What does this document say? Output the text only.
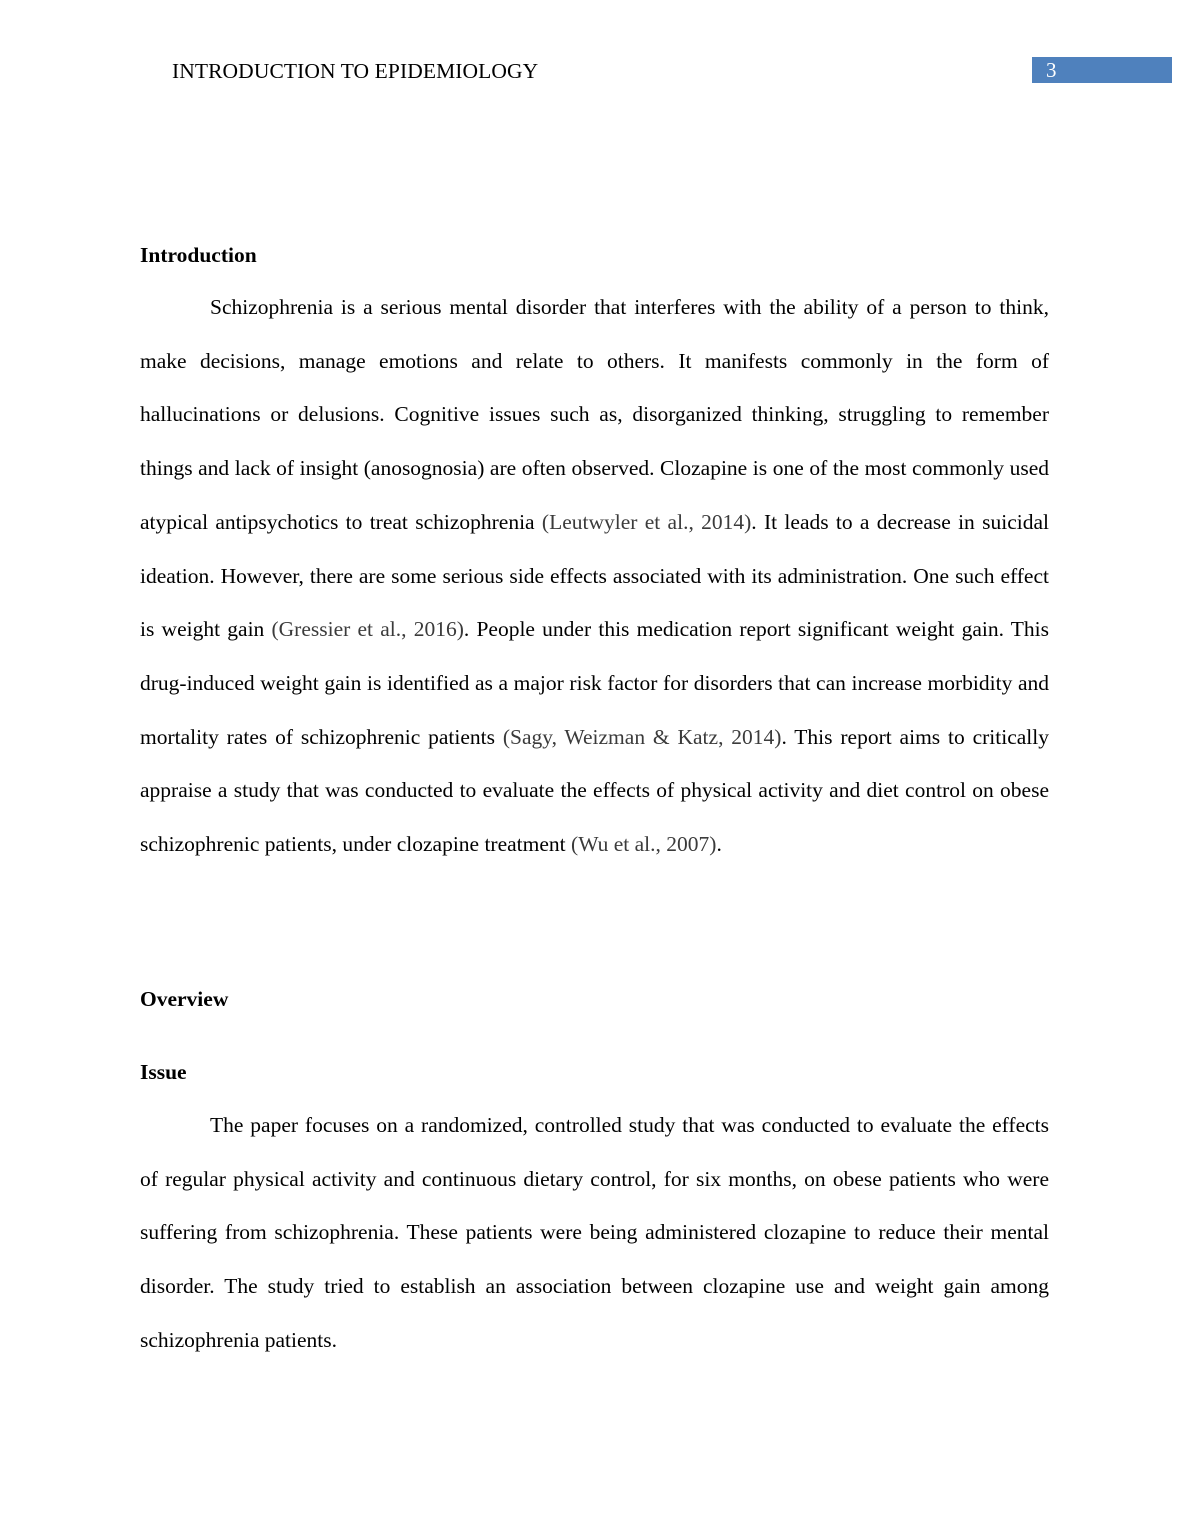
INTRODUCTION TO EPIDEMIOLOGY	3
Introduction

Schizophrenia is a serious mental disorder that interferes with the ability of a person to think, make decisions, manage emotions and relate to others. It manifests commonly in the form of hallucinations or delusions. Cognitive issues such as, disorganized thinking, struggling to remember things and lack of insight (anosognosia) are often observed. Clozapine is one of the most commonly used atypical antipsychotics to treat schizophrenia (Leutwyler et al., 2014). It leads to a decrease in suicidal ideation. However, there are some serious side effects associated with its administration. One such effect is weight gain (Gressier et al., 2016). People under this medication report significant weight gain. This drug-induced weight gain is identified as a major risk factor for disorders that can increase morbidity and mortality rates of schizophrenic patients (Sagy, Weizman & Katz, 2014). This report aims to critically appraise a study that was conducted to evaluate the effects of physical activity and diet control on obese schizophrenic patients, under clozapine treatment (Wu et al., 2007).

Overview
Issue

The paper focuses on a randomized, controlled study that was conducted to evaluate the effects of regular physical activity and continuous dietary control, for six months, on obese patients who were suffering from schizophrenia. These patients were being administered clozapine to reduce their mental disorder. The study tried to establish an association between clozapine use and weight gain among schizophrenia patients.
